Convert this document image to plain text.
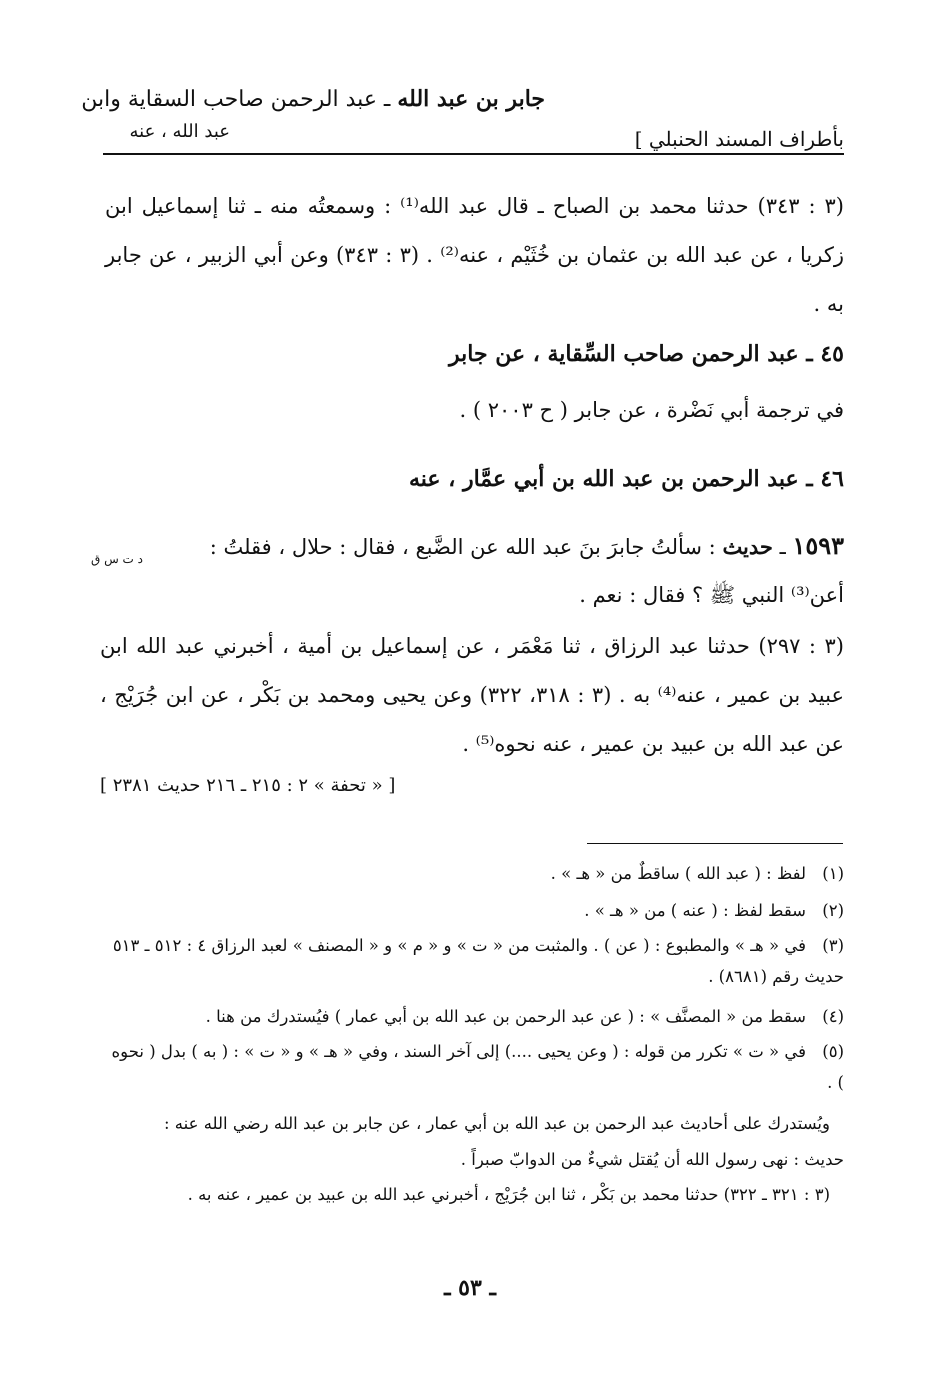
جابر بن عبد الله ـ عبد الرحمن صاحب السقاية وابن
عبد الله ، عنه	بأطراف المسند الحنبلي ]
(٣ : ٣٤٣) حدثنا محمد بن الصباح ـ قال عبد الله⁽¹⁾ : وسمعتُه منه ـ ثنا إسماعيل ابن زكريا ، عن عبد الله بن عثمان بن خُثَيْم ، عنه⁽²⁾ . (٣ : ٣٤٣) وعن أبي الزبير ، عن جابر به .
٤٥ ـ عبد الرحمن صاحب السِّقاية ، عن جابر
في ترجمة أبي نَضْرة ، عن جابر ( ح ٢٠٠٣ ) .
٤٦ ـ عبد الرحمن بن عبد الله بن أبي عمَّار ، عنه
١٥٩٣ ـ حديث : سألتُ جابرَ بنَ عبد الله عن الضَّبع ، فقال : حلال ، فقلتُ :
أعن⁽³⁾ النبي ﷺ ؟ فقال : نعم .
د ت س ق
(٣ : ٢٩٧) حدثنا عبد الرزاق ، ثنا مَعْمَر ، عن إسماعيل بن أمية ، أخبرني عبد الله ابن عبيد بن عمير ، عنه⁽⁴⁾ به . (٣ : ٣١٨، ٣٢٢) وعن يحيى ومحمد بن بَكْر ، عن ابن جُرَيْج ، عن عبد الله بن عبيد بن عمير ، عنه نحوه⁽⁵⁾ .
[ « تحفة » ٢ : ٢١٥ ـ ٢١٦ حديث ٢٣٨١ ]
(١)لفظ : ( عبد الله ) ساقطٌ من « هـ » .
(٢)سقط لفظ : ( عنه ) من « هـ » .
(٣)في « هـ » والمطبوع : ( عن ) . والمثبت من « ت » و « م » و « المصنف » لعبد الرزاق ٤ : ٥١٢ ـ ٥١٣ حديث رقم (٨٦٨١) .
(٤)سقط من « المصنَّف » : ( عن عبد الرحمن بن عبد الله بن أبي عمار ) فيُستدرك من هنا .
(٥)في « ت » تكرر من قوله : ( وعن يحيى ....) إلى آخر السند ، وفي « هـ » و « ت » : ( به ) بدل ( نحوه ) .
ويُستدرك على أحاديث عبد الرحمن بن عبد الله بن أبي عمار ، عن جابر بن عبد الله رضي الله عنه :
حديث : نهى رسول الله أن يُقتل شيءٌ من الدوابّ صبراً .
(٣ : ٣٢١ ـ ٣٢٢) حدثنا محمد بن بَكْر ، ثنا ابن جُرَيْج ، أخبرني عبد الله بن عبيد بن عمير ، عنه به .
ـ ٥٣ ـ
